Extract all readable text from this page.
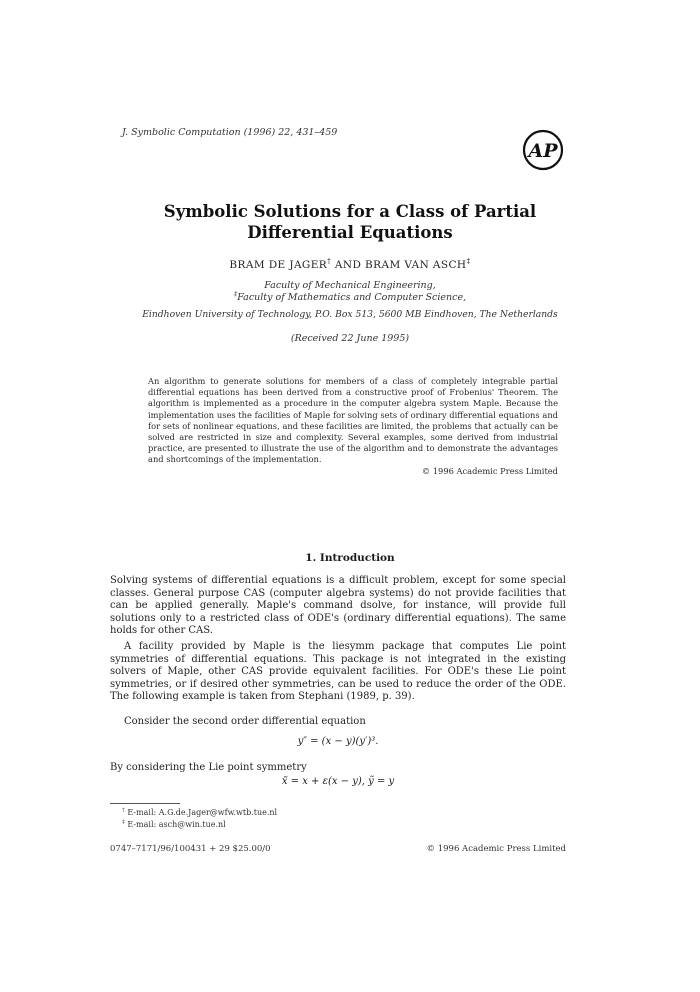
J. Symbolic Computation (1996) 22, 431–459
AP
Symbolic Solutions for a Class of Partial Differential Equations
BRAM DE JAGER† AND BRAM VAN ASCH‡
Faculty of Mechanical Engineering,
‡Faculty of Mathematics and Computer Science,
Eindhoven University of Technology, P.O. Box 513, 5600 MB Eindhoven, The Netherlands
(Received 22 June 1995)
An algorithm to generate solutions for members of a class of completely integrable partial differential equations has been derived from a constructive proof of Frobenius' Theorem. The algorithm is implemented as a procedure in the computer algebra system Maple. Because the implementation uses the facilities of Maple for solving sets of ordinary differential equations and for sets of nonlinear equations, and these facilities are limited, the problems that actually can be solved are restricted in size and complexity. Several examples, some derived from industrial practice, are presented to illustrate the use of the algorithm and to demonstrate the advantages and shortcomings of the implementation.
© 1996 Academic Press Limited
1. Introduction
Solving systems of differential equations is a difficult problem, except for some special classes. General purpose CAS (computer algebra systems) do not provide facilities that can be applied generally. Maple's command dsolve, for instance, will provide full solutions only to a restricted class of ODE's (ordinary differential equations). The same holds for other CAS.
A facility provided by Maple is the liesymm package that computes Lie point symmetries of differential equations. This package is not integrated in the existing solvers of Maple, other CAS provide equivalent facilities. For ODE's these Lie point symmetries, or if desired other symmetries, can be used to reduce the order of the ODE. The following example is taken from Stephani (1989, p. 39).
Consider the second order differential equation
y″ = (x − y)(y′)³.
By considering the Lie point symmetry
x̃ = x + ε(x − y), ỹ = y
† E-mail: A.G.de.Jager@wfw.wtb.tue.nl
‡ E-mail: asch@win.tue.nl
0747–7171/96/100431 + 29 $25.00/0	© 1996 Academic Press Limited
